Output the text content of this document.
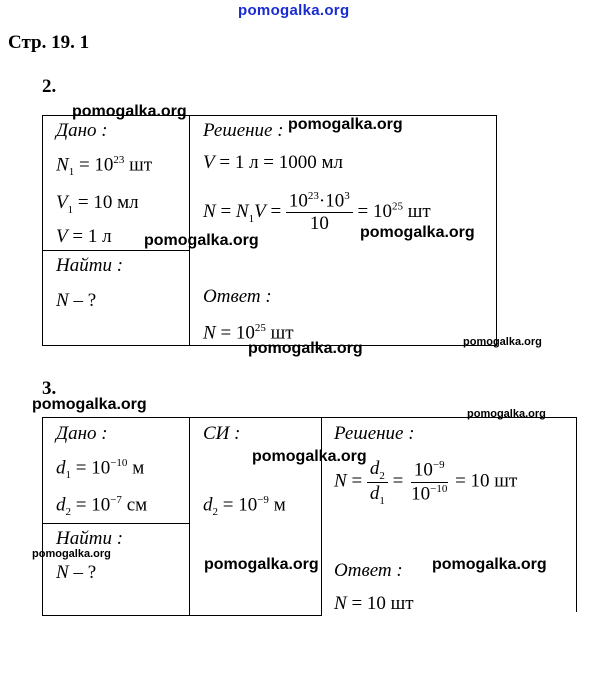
pomogalka.org
Стр. 19. 1
2.
Дано :
$N_1 = 10^{23}$ шт
$V_1 = 10$ мл
V = 1 л
Найти :
N – ?
Решение :
V = 1 л = 1000 мл
$N = N_1V = \frac{10^{23}\cdot 10^3}{10} = 10^{25}$ шт
Ответ :
$N = 10^{25}$ шт
3.
Дано :
$d_1 = 10^{-10}$ м
$d_2 = 10^{-7}$ см
Найти :
N – ?
СИ :
$d_2 = 10^{-9}$ м
Решение :
$N = \frac{d_2}{d_1} = \frac{10^{-9}}{10^{-10}} = 10$ шт
Ответ :
N = 10 шт
pomogalka.org
pomogalka.org
pomogalka.org	pomogalka.org
pomogalka.org	pomogalka.org
pomogalka.org
pomogalka.org
pomogalka.org
pomogalka.org
pomogalka.org	pomogalka.org
